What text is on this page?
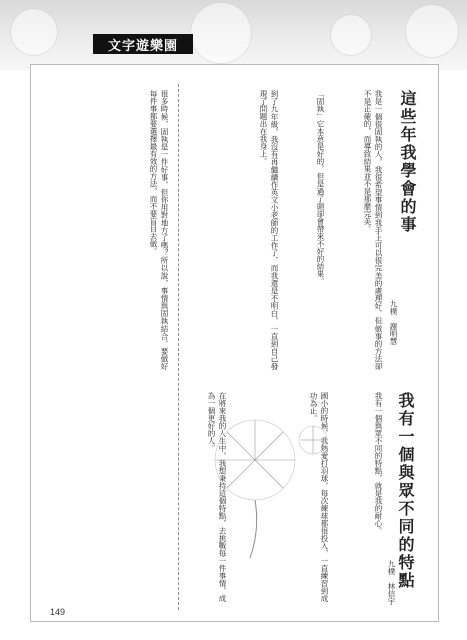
文字遊樂園
我有一個與眾不同的特點
九樸　林信宇
我有一個與眾不同的特點，就是我的耐心。
國小的時候，我熱愛打羽球，每次練球都很投入，一直練習到成功為止。
在將來我的人生中，我想秉持這個特點，去挑戰每一件事情，成為一個更好的人。
這些年我學會的事
九樸　謝明慧
我是一個很固執的人，我很希望事情到我手上可以很完美的處理好，但做事的方法卻不是正確的，而導致結果並不是那麼完美。
「固執」它本意是好的，但是過了頭卻會帶來不好的結果。
到了九年級，我沒有再繼續作英文小老師的工作了，而我還是不明白，一直到自己發現了問題出在我身上。
很多時候，固執是一件好事，但你用對地方了嗎？所以說，事情與固執結合，要做好每件事都要選擇最有效的方法，而不要盲目去做。
149
